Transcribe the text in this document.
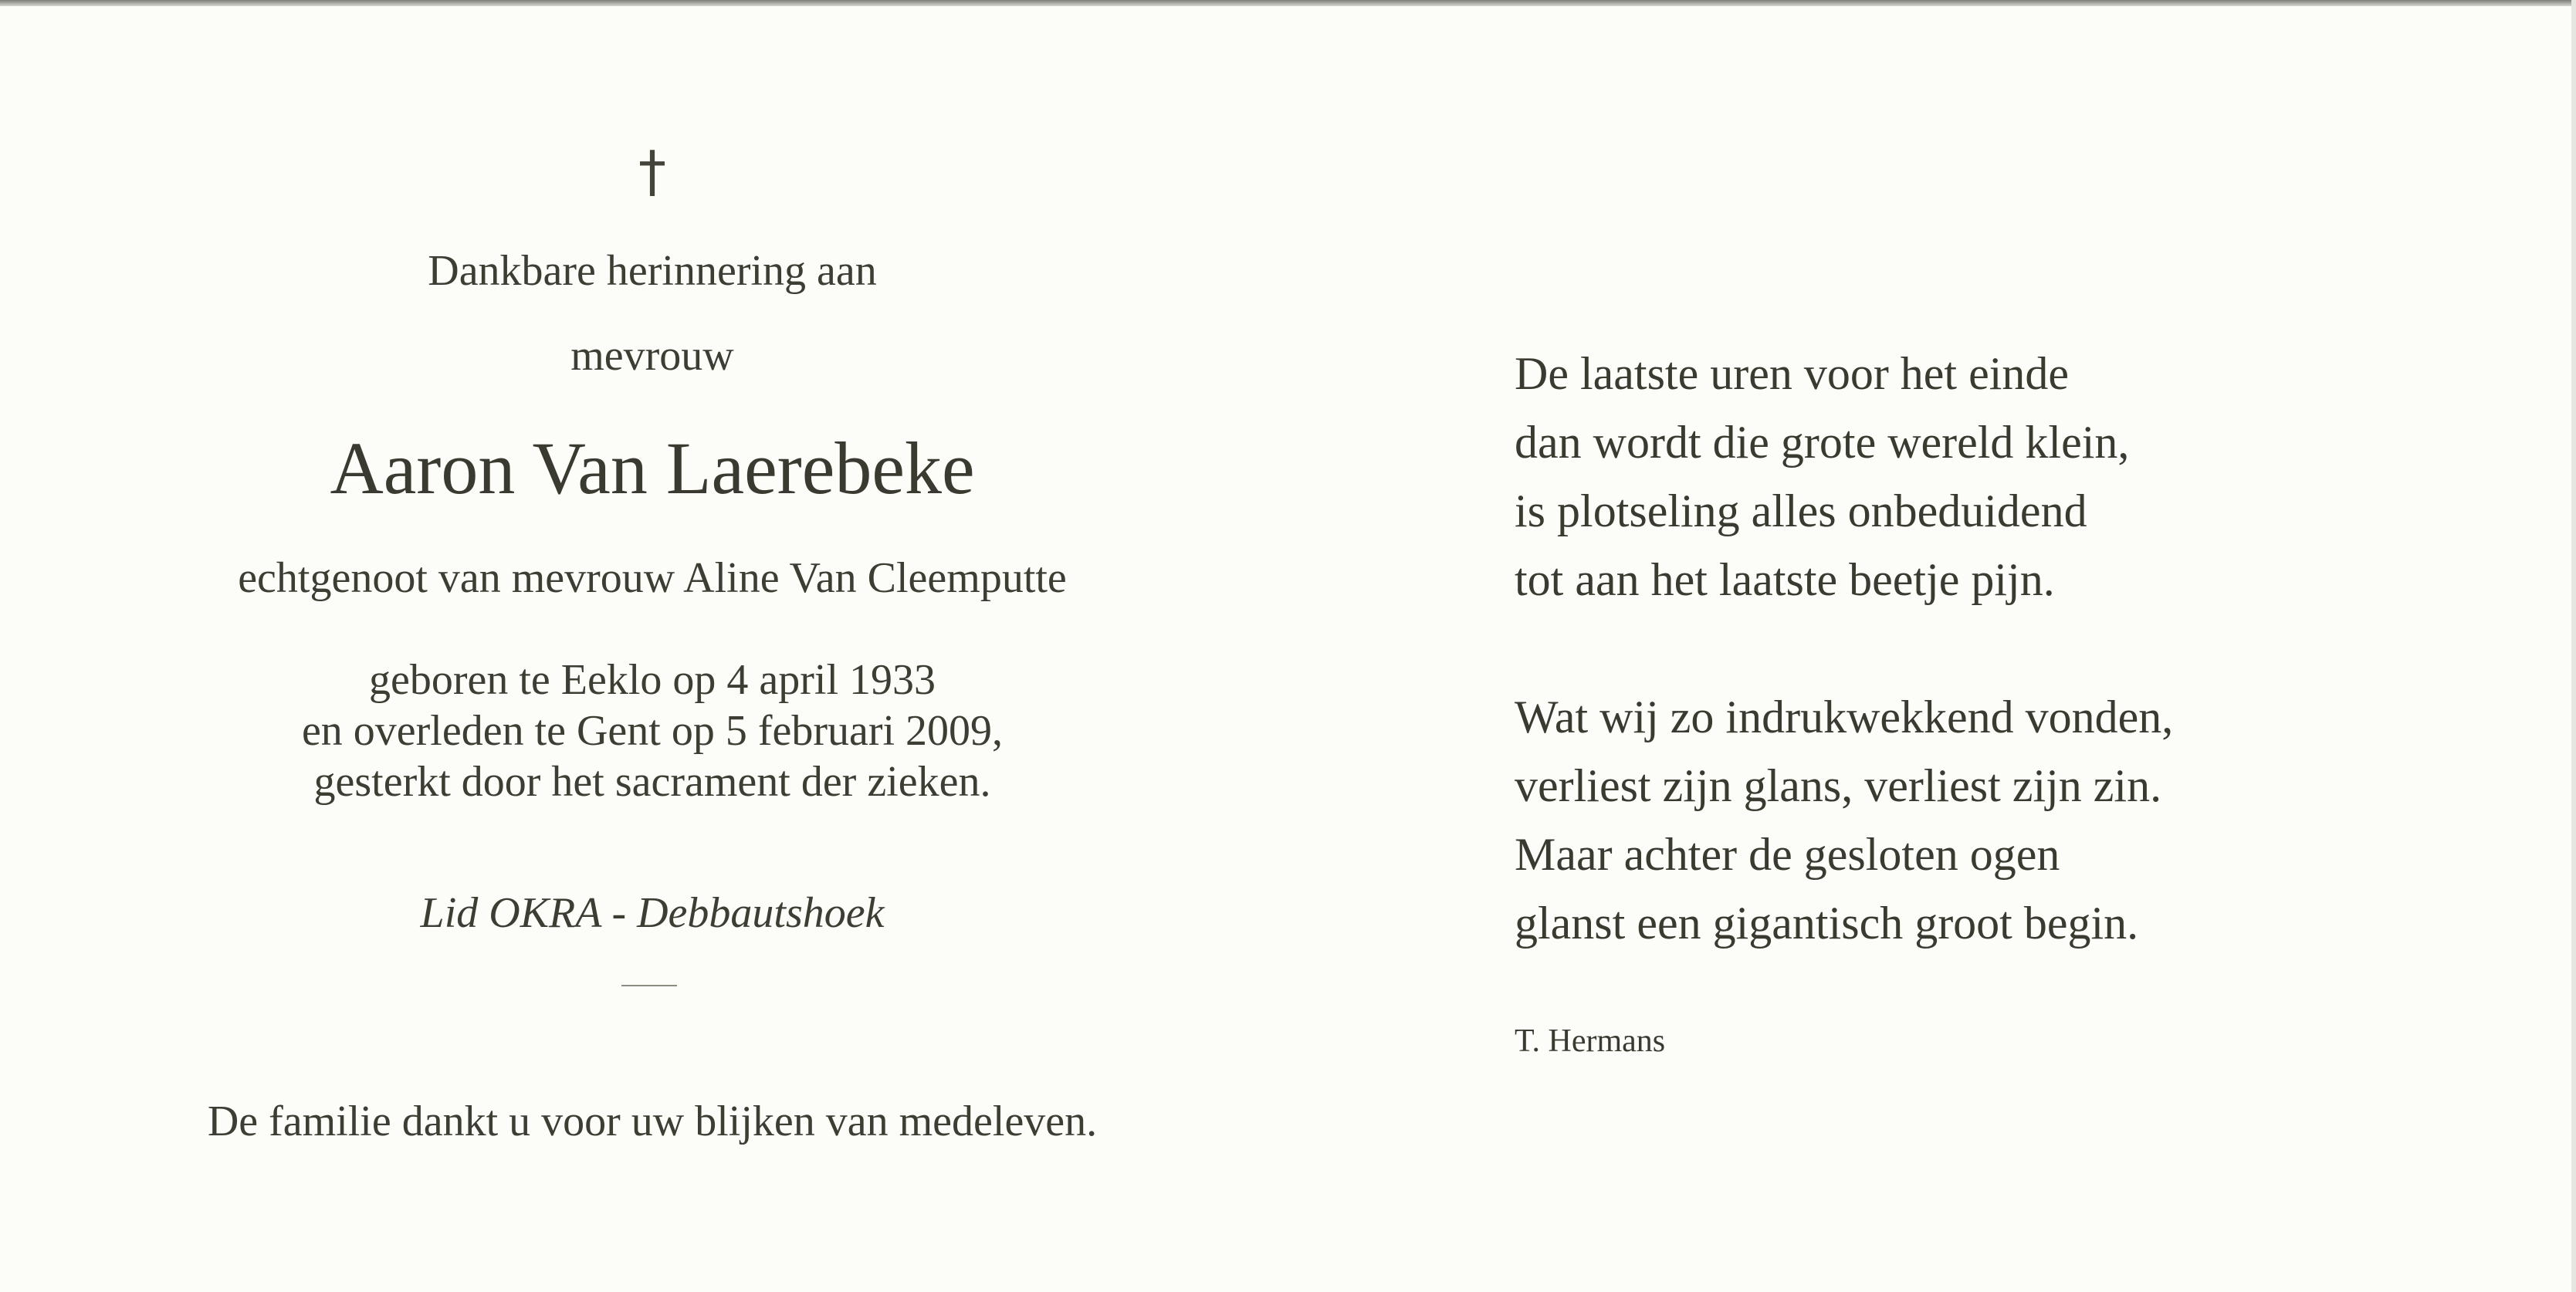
†
Dankbare herinnering aan
mevrouw
Aaron Van Laerebeke
echtgenoot van mevrouw Aline Van Cleemputte
geboren te Eeklo op 4 april 1933
en overleden te Gent op 5 februari 2009,
gesterkt door het sacrament der zieken.
Lid OKRA - Debbautshoek
De familie dankt u voor uw blijken van medeleven.
De laatste uren voor het einde
dan wordt die grote wereld klein,
is plotseling alles onbeduidend
tot aan het laatste beetje pijn.
Wat wij zo indrukwekkend vonden,
verliest zijn glans, verliest zijn zin.
Maar achter de gesloten ogen
glanst een gigantisch groot begin.
T. Hermans
